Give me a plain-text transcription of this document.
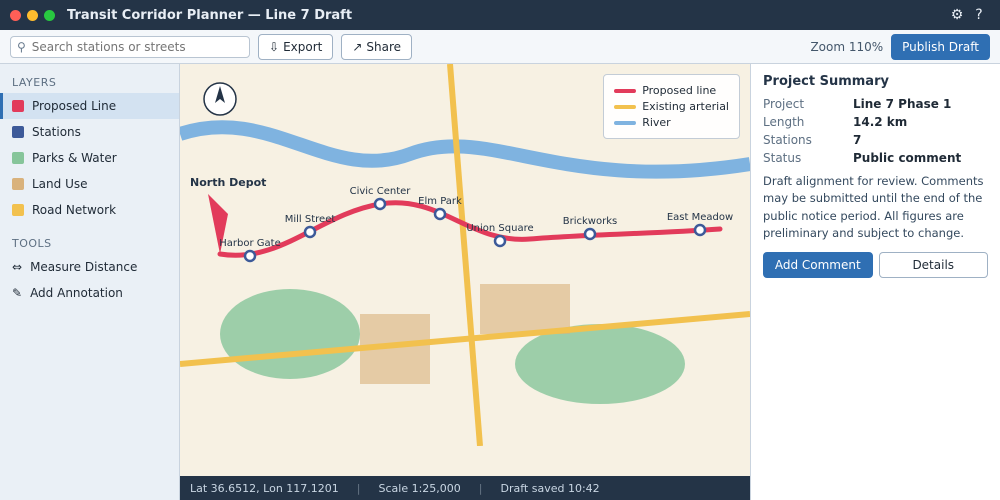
Transit Corridor Planner — Line 7 Draft	⚙ ?
⚲
Search stations or streets	⇩ Export	↗ Share	Zoom 110% Publish Draft
LAYERS
Proposed Line
Stations
Parks & Water
Land Use
Road Network
TOOLS
⇔ Measure Distance
✎ Add Annotation
North Depot
Harbor Gate
Mill Street
Civic Center
Elm Park
Union Square
Brickworks	East Meadow
Proposed line
Existing arterial
River
Lat 36.6512, Lon 117.1201 | Scale 1:25,000 | Draft saved 10:42
Project Summary
Project	Line 7 Phase 1
Length	14.2 km
Stations	7
Status	Public comment
Draft alignment for review. Comments may be submitted until the end of the public notice period. All figures are preliminary and subject to change.
Add Comment	Details
